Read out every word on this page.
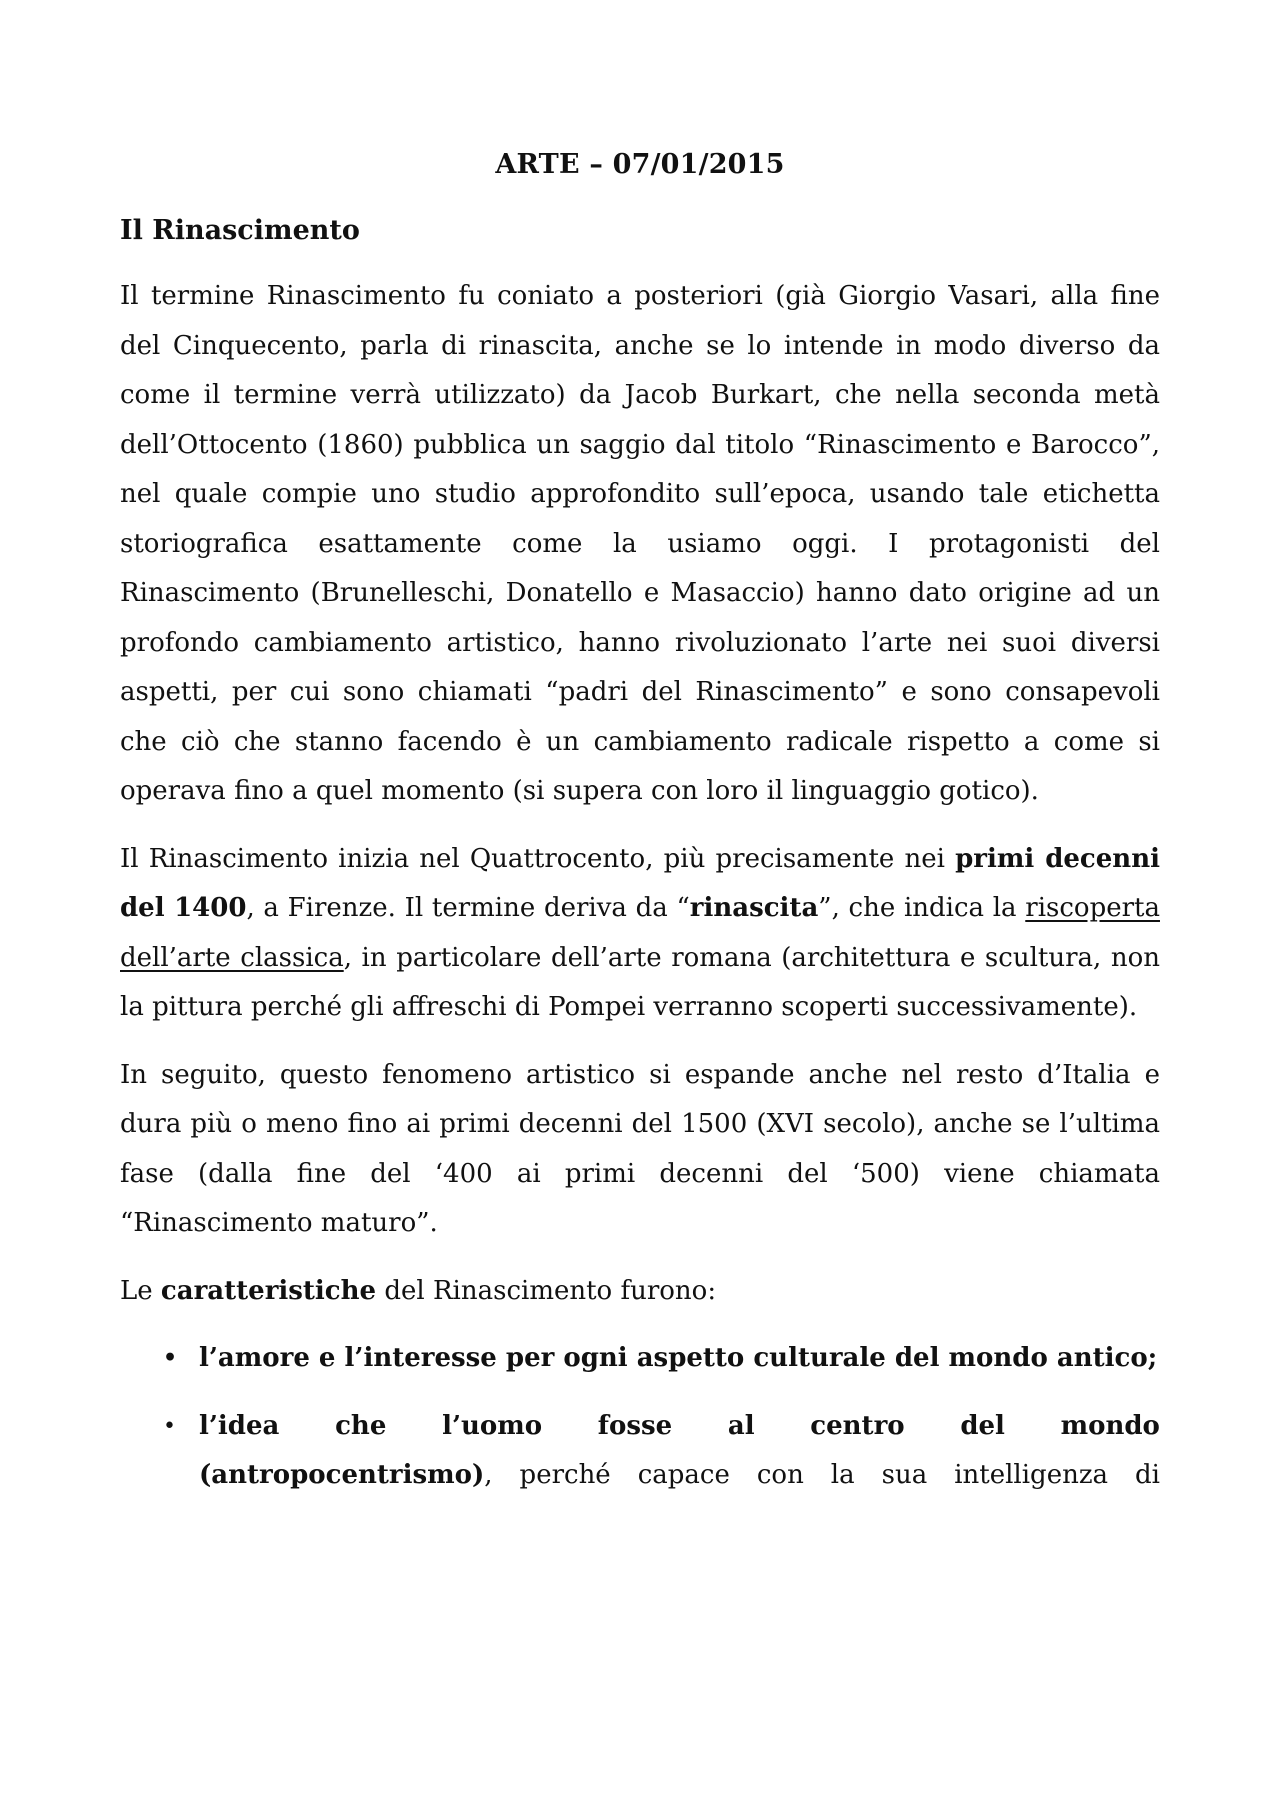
ARTE – 07/01/2015
Il Rinascimento

Il termine Rinascimento fu coniato a posteriori (già Giorgio Vasari, alla fine del Cinquecento, parla di rinascita, anche se lo intende in modo diverso da come il termine verrà utilizzato) da Jacob Burkart, che nella seconda metà dell’Ottocento (1860) pubblica un saggio dal titolo “Rinascimento e Barocco”, nel quale compie uno studio approfondito sull’epoca, usando tale etichetta storiografica esattamente come la usiamo oggi. I protagonisti del Rinascimento (Brunelleschi, Donatello e Masaccio) hanno dato origine ad un profondo cambiamento artistico, hanno rivoluzionato l’arte nei suoi diversi aspetti, per cui sono chiamati “padri del Rinascimento” e sono consapevoli che ciò che stanno facendo è un cambiamento radicale rispetto a come si operava fino a quel momento (si supera con loro il linguaggio gotico).

Il Rinascimento inizia nel Quattrocento, più precisamente nei primi decenni del 1400, a Firenze. Il termine deriva da “rinascita”, che indica la riscoperta dell’arte classica, in particolare dell’arte romana (architettura e scultura, non la pittura perché gli affreschi di Pompei verranno scoperti successivamente).

In seguito, questo fenomeno artistico si espande anche nel resto d’Italia e dura più o meno fino ai primi decenni del 1500 (XVI secolo), anche se l’ultima fase (dalla fine del ‘400 ai primi decenni del ‘500) viene chiamata “Rinascimento maturo”.

Le caratteristiche del Rinascimento furono:

• l’amore e l’interesse per ogni aspetto culturale del mondo antico;
• l’idea che l’uomo fosse al centro del mondo
(antropocentrismo) , perché capace con la sua intelligenza di
